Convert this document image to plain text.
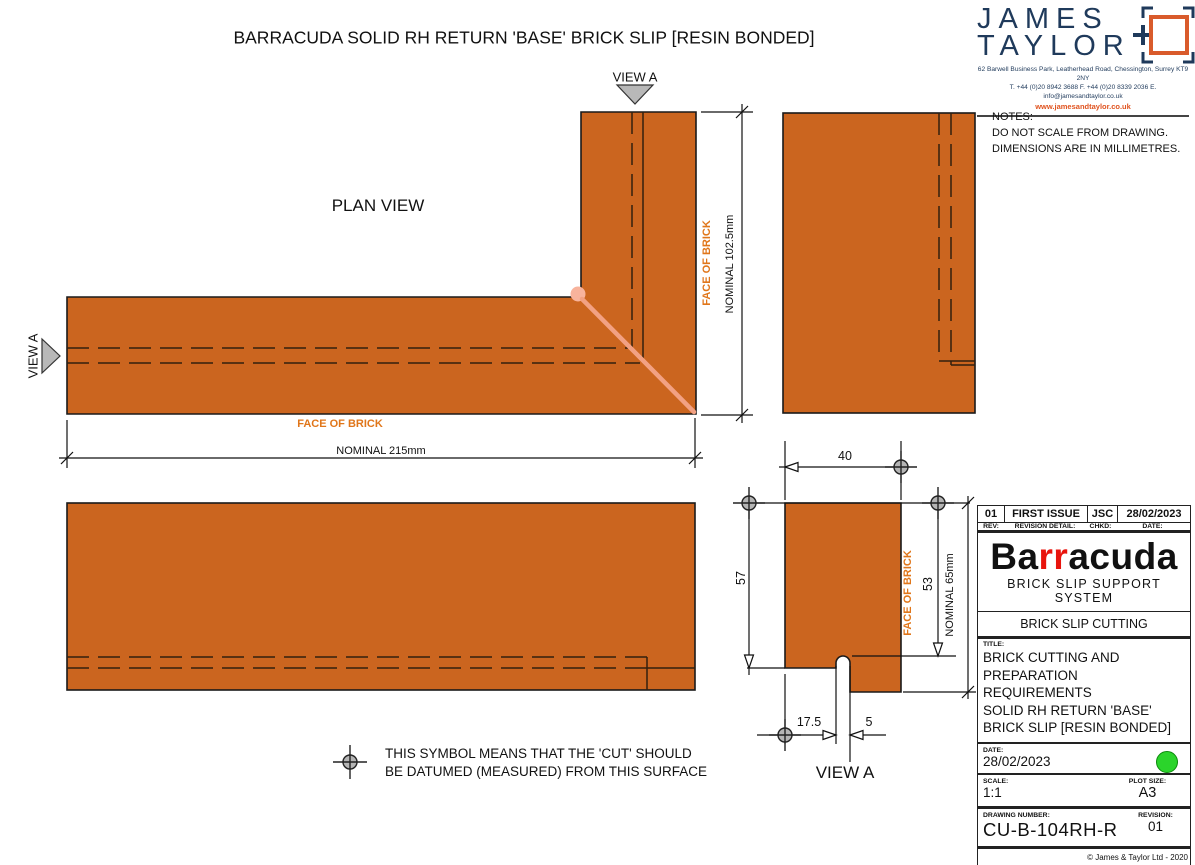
BARRACUDA SOLID RH RETURN 'BASE' BRICK SLIP [RESIN BONDED]
JAMES
TAYLOR
62 Barwell Business Park, Leatherhead Road, Chessington, Surrey KT9 2NY
T. +44 (0)20 8942 3688 F. +44 (0)20 8339 2036 E. info@jamesandtaylor.co.uk
www.jamesandtaylor.co.uk
NOTES:
DO NOT SCALE FROM DRAWING.
DIMENSIONS ARE IN MILLIMETRES.
PLAN VIEW
VIEW A
VIEW A
FACE OF BRICK
NOMINAL 215mm
FACE OF BRICK NOMINAL 102.5mm
40
57	53
FACE OF BRICK	NOMINAL 65mm
17.5	5
VIEW A
THIS SYMBOL MEANS THAT THE 'CUT' SHOULD
BE DATUMED (MEASURED) FROM THIS SURFACE
01	FIRST ISSUE	JSC	28/02/2023
REV:	REVISION DETAIL:	CHKD:	DATE:
Barracuda
BRICK SLIP SUPPORT SYSTEM
BRICK SLIP CUTTING
TITLE:
BRICK CUTTING AND
PREPARATION REQUIREMENTS
SOLID RH RETURN 'BASE'
BRICK SLIP [RESIN BONDED]
DATE:
28/02/2023
SCALE:
1:1
PLOT SIZE:
A3
DRAWING NUMBER:
CU-B-104RH-R
REVISION:
01
© James & Taylor Ltd - 2020
